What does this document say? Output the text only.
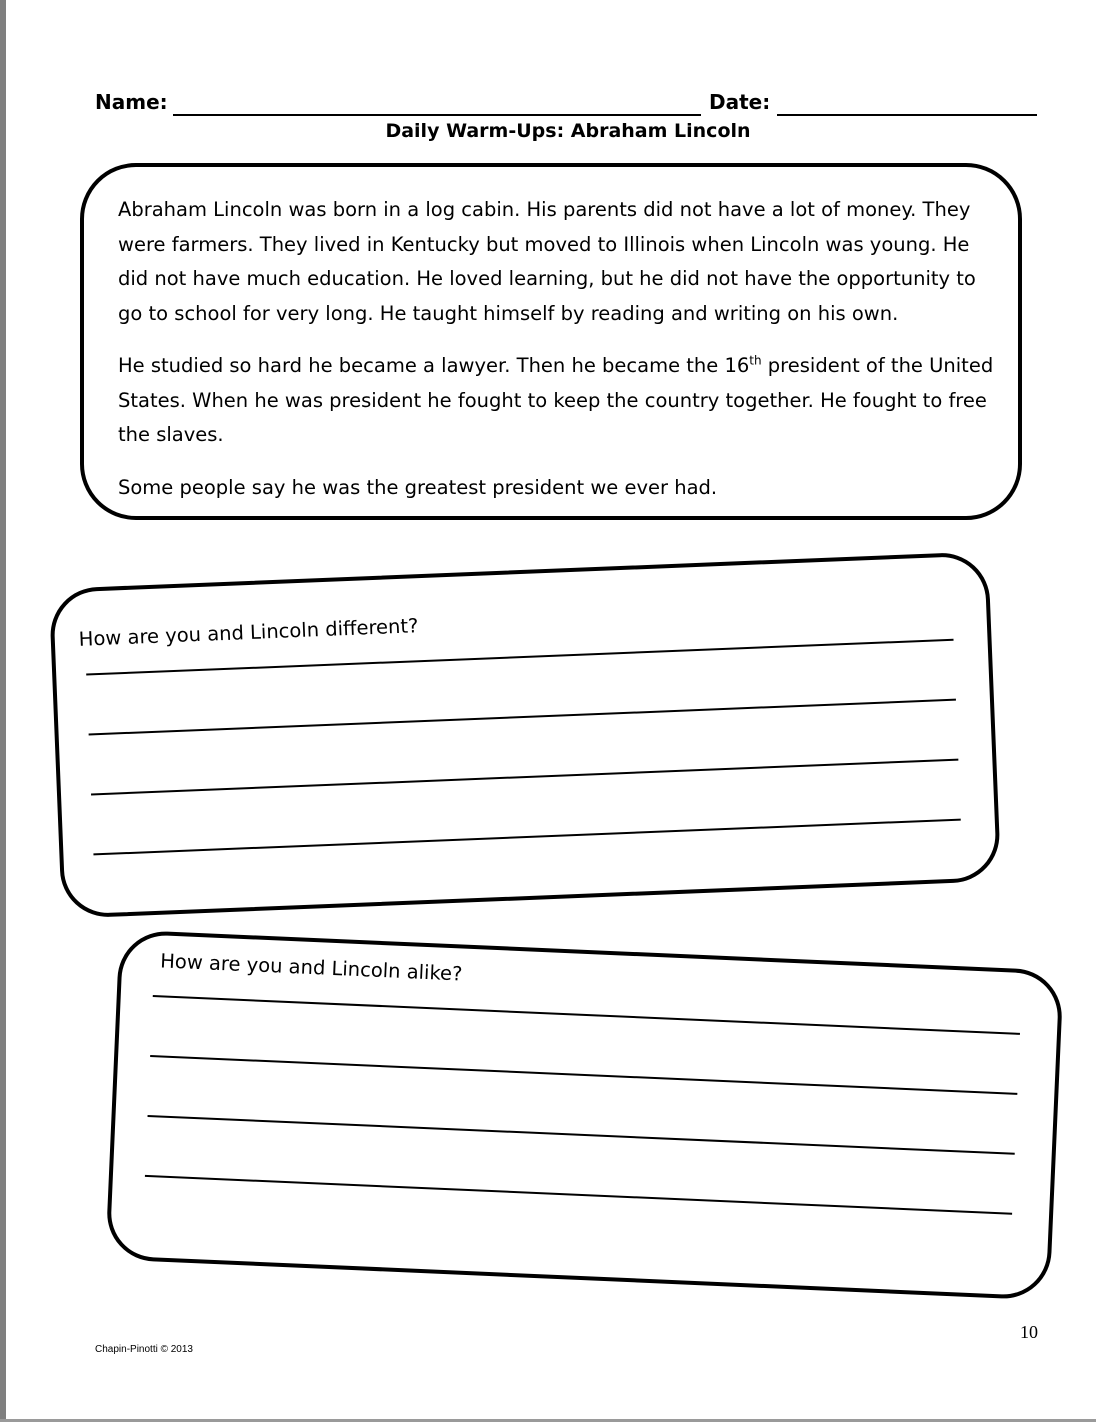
Name:	Date:
Daily Warm-Ups: Abraham Lincoln

Abraham Lincoln was born in a log cabin. His parents did not have a lot of money. They were farmers. They lived in Kentucky but moved to Illinois when Lincoln was young. He did not have much education. He loved learning, but he did not have the opportunity to go to school for very long. He taught himself by reading and writing on his own.

He studied so hard he became a lawyer. Then he became the 16th president of the United States. When he was president he fought to keep the country together. He fought to free the slaves.

Some people say he was the greatest president we ever had.

How are you and Lincoln different?
How are you and Lincoln alike?
Chapin-Pinotti © 2013
10
